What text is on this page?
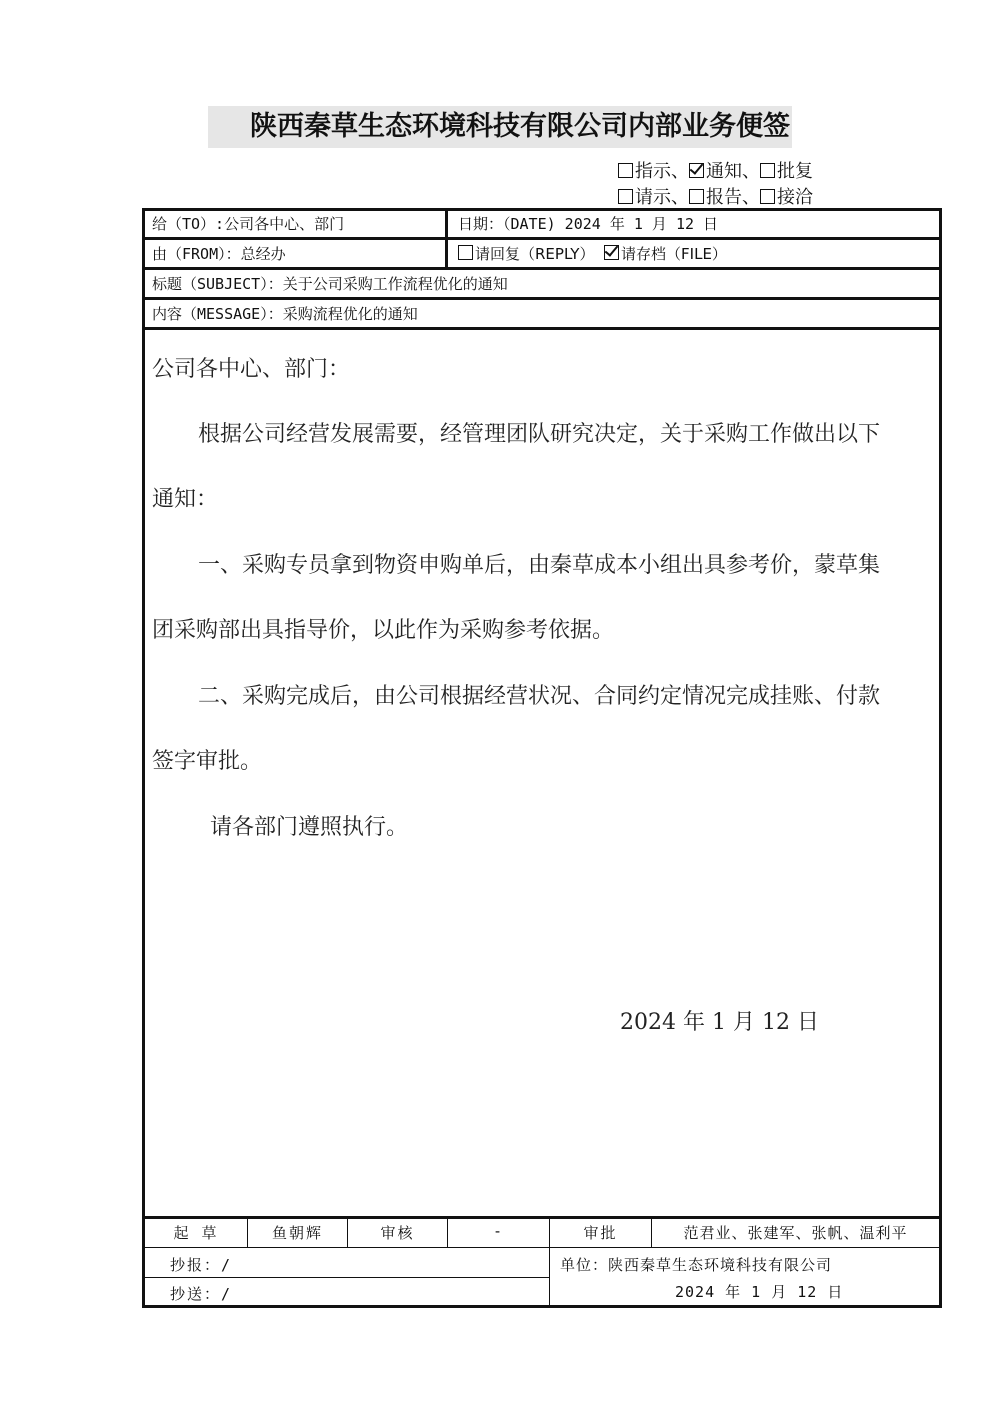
陕西秦草生态环境科技有限公司内部业务便签
指示、 通知、 批复
请示、 报告、 接洽
给（TO）:公司各中心、部门	日期：（DATE) 2024 年 1 月 12 日
由（FROM）：总经办	请回复（REPLY） 请存档（FILE）
标题（SUBJECT）：关于公司采购工作流程优化的通知
内容（MESSAGE）：采购流程优化的通知
公司各中心、部门：
根据公司经营发展需要，经管理团队研究决定，关于采购工作做出以下
通知：
一、采购专员拿到物资申购单后，由秦草成本小组出具参考价，蒙草集
团采购部出具指导价，以此作为采购参考依据。
二、采购完成后，由公司根据经营状况、合同约定情况完成挂账、付款
签字审批。
请各部门遵照执行。
2024 年 1 月 12 日
起 草	鱼朝辉	审核	-	审批	范君业、张建军、张帆、温利平
抄报：/
抄送：/
单位：陕西秦草生态环境科技有限公司
2024 年 1 月 12 日
